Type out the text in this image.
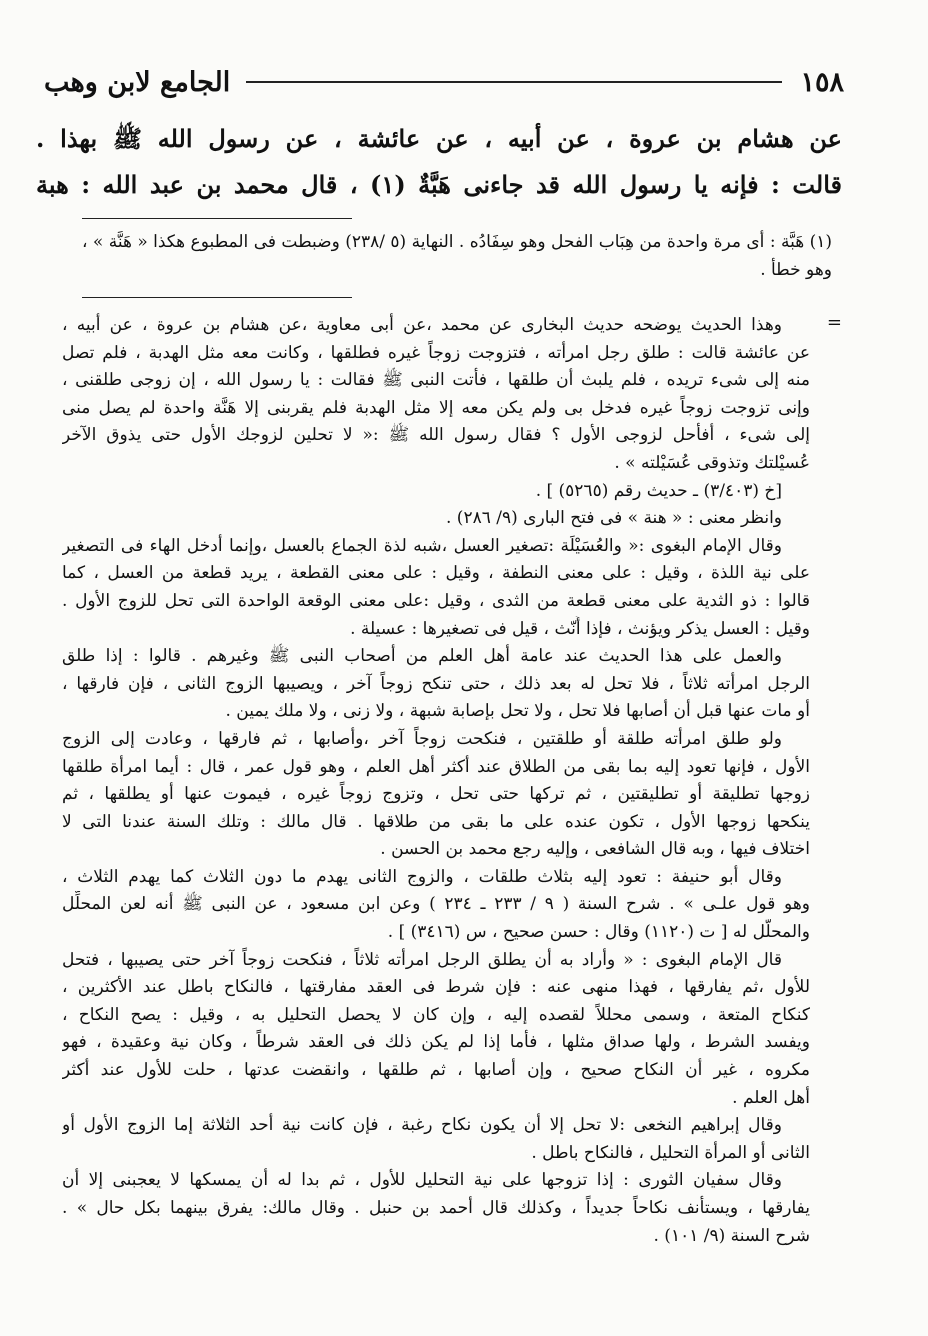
١٥٨
الجامع لابن وهب
عن هشام بن عروة ، عن أبيه ، عن عائشة ، عن رسول الله ﷺ بهذا .
قالت : فإنه يا رسول الله قد جاءنى هَبَّةٌ (١) ، قال محمد بن عبد الله : هبة
(١) هَبَّة : أى مرة واحدة من هِبَاب الفحل وهو سِفَادُه . النهاية (٥ /٢٣٨) وضبطت فى المطبوع هكذا « هَنَّة » ،
وهو خطأ .
=
وهذا الحديث يوضحه حديث البخارى عن محمد ،عن أبى معاوية ،عن هشام بن عروة ، عن أبيه ،
عن عائشة قالت : طلق رجل امرأته ، فتزوجت زوجاً غيره فطلقها ، وكانت معه مثل الهدبة ، فلم تصل
منه إلى شىء تريده ، فلم يلبث أن طلقها ، فأتت النبى ﷺ فقالت : يا رسول الله ، إن زوجى طلقنى ،
وإنى تزوجت زوجاً غيره فدخل بى ولم يكن معه إلا مثل الهدبة فلم يقربنى إلا هَنَّة واحدة لم يصل منى
إلى شىء ، أفأحل لزوجى الأول ؟ فقال رسول الله ﷺ :« لا تحلين لزوجك الأول حتى يذوق الآخر
عُسيْلتك وتذوقى عُسَيْلته » .
[خ (٣/٤٠٣) ـ حديث رقم (٥٢٦٥) ] .
وانظر معنى : « هنة » فى فتح البارى (٩/ ٢٨٦) .
وقال الإمام البغوى :« والعُسَيْلَة :تصغير العسل ،شبه لذة الجماع بالعسل ،وإنما أدخل الهاء فى التصغير
على نية اللذة ، وقيل : على معنى النطفة ، وقيل : على معنى القطعة ، يريد قطعة من العسل ، كما
قالوا : ذو الثدية على معنى قطعة من الثدى ، وقيل :على معنى الوقعة الواحدة التى تحل للزوج الأول .
وقيل : العسل يذكر ويؤنث ، فإذا أُنّث ، قيل فى تصغيرها : عسيلة .
والعمل على هذا الحديث عند عامة أهل العلم من أصحاب النبى ﷺ وغيرهم . قالوا : إذا طلق
الرجل امرأته ثلاثاً ، فلا تحل له بعد ذلك ، حتى تنكح زوجاً آخر ، ويصيبها الزوج الثانى ، فإن فارقها ،
أو مات عنها قبل أن أصابها فلا تحل ، ولا تحل بإصابة شبهة ، ولا زنى ، ولا ملك يمين .
ولو طلق امرأته طلقة أو طلقتين ، فنكحت زوجاً آخر ،وأصابها ، ثم فارقها ، وعادت إلى الزوج
الأول ، فإنها تعود إليه بما بقى من الطلاق عند أكثر أهل العلم ، وهو قول عمر ، قال : أيما امرأة طلقها
زوجها تطليقة أو تطليقتين ، ثم تركها حتى تحل ، وتزوج زوجاً غيره ، فيموت عنها أو يطلقها ، ثم
ينكحها زوجها الأول ، تكون عنده على ما بقى من طلاقها . قال مالك : وتلك السنة عندنا التى لا
اختلاف فيها ، وبه قال الشافعى ، وإليه رجع محمد بن الحسن .
وقال أبو حنيفة : تعود إليه بثلاث طلقات ، والزوج الثانى يهدم ما دون الثلاث كما يهدم الثلاث ،
وهو قول علـى » . شرح السنة ( ٩ / ٢٣٣ ـ ٢٣٤ ) وعن ابن مسعود ، عن النبى ﷺ أنه لعن المحلِّل
والمحلَّل له [ ت (١١٢٠) وقال : حسن صحيح ، س (٣٤١٦) ] .
قال الإمام البغوى : « وأراد به أن يطلق الرجل امرأته ثلاثاً ، فنكحت زوجاً آخر حتى يصيبها ، فتحل
للأول ،ثم يفارقها ، فهذا منهى عنه : فإن شرط فى العقد مفارقتها ، فالنكاح باطل عند الأكثرين ،
كنكاح المتعة ، وسمى محللاً لقصده إليه ، وإن كان لا يحصل التحليل به ، وقيل : يصح النكاح ،
ويفسد الشرط ، ولها صداق مثلها ، فأما إذا لم يكن ذلك فى العقد شرطاً ، وكان نية وعقيدة ، فهو
مكروه ، غير أن النكاح صحيح ، وإن أصابها ، ثم طلقها ، وانقضت عدتها ، حلت للأول عند أكثر
أهل العلم .
وقال إبراهيم النخعى :لا تحل إلا أن يكون نكاح رغبة ، فإن كانت نية أحد الثلاثة إما الزوج الأول أو
الثانى أو المرأة التحليل ، فالنكاح باطل .
وقال سفيان الثورى : إذا تزوجها على نية التحليل للأول ، ثم بدا له أن يمسكها لا يعجبنى إلا أن
يفارقها ، ويستأنف نكاحاً جديداً ، وكذلك قال أحمد بن حنبل . وقال مالك: يفرق بينهما بكل حال » .
شرح السنة (٩/ ١٠١) .
